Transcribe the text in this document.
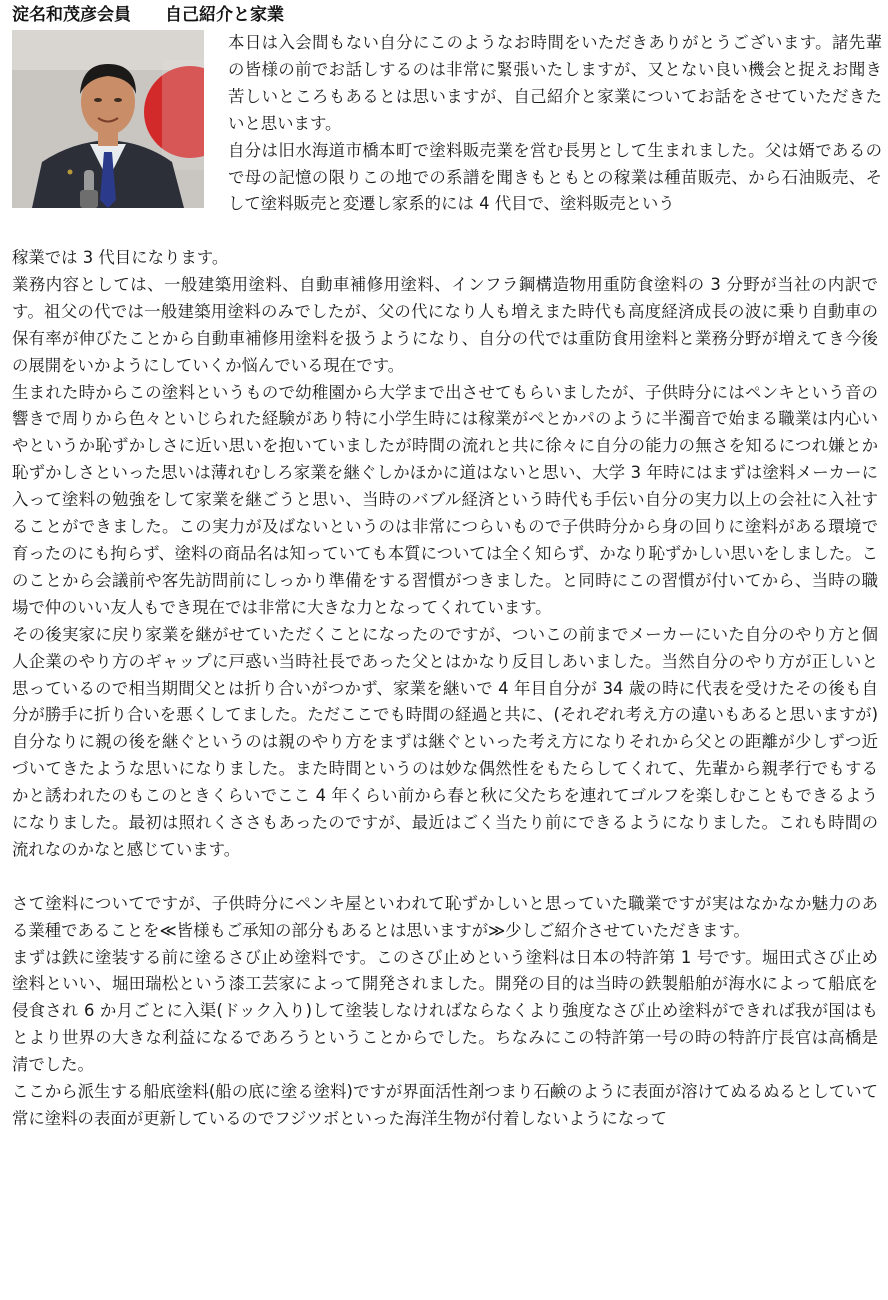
淀名和茂彦会員　　自己紹介と家業

本日は入会間もない自分にこのようなお時間をいただきありがとうございます。諸先輩の皆様の前でお話しするのは非常に緊張いたしますが、又とない良い機会と捉えお聞き苦しいところもあるとは思いますが、自己紹介と家業についてお話をさせていただきたいと思います。

自分は旧水海道市橋本町で塗料販売業を営む長男として生まれました。父は婿であるので母の記憶の限りこの地での系譜を聞きもともとの稼業は種苗販売、から石油販売、そして塗料販売と変遷し家系的には 4 代目で、塗料販売という

稼業では 3 代目になります。

業務内容としては、一般建築用塗料、自動車補修用塗料、インフラ鋼構造物用重防食塗料の 3 分野が当社の内訳です。祖父の代では一般建築用塗料のみでしたが、父の代になり人も増えまた時代も高度経済成長の波に乗り自動車の保有率が伸びたことから自動車補修用塗料を扱うようになり、自分の代では重防食用塗料と業務分野が増えてき今後の展開をいかようにしていくか悩んでいる現在です。

生まれた時からこの塗料というもので幼稚園から大学まで出させてもらいましたが、子供時分にはペンキという音の響きで周りから色々といじられた経験があり特に小学生時には稼業がぺとかパのように半濁音で始まる職業は内心いやというか恥ずかしさに近い思いを抱いていましたが時間の流れと共に徐々に自分の能力の無さを知るにつれ嫌とか恥ずかしさといった思いは薄れむしろ家業を継ぐしかほかに道はないと思い、大学 3 年時にはまずは塗料メーカーに入って塗料の勉強をして家業を継ごうと思い、当時のバブル経済という時代も手伝い自分の実力以上の会社に入社することができました。この実力が及ばないというのは非常につらいもので子供時分から身の回りに塗料がある環境で育ったのにも拘らず、塗料の商品名は知っていても本質については全く知らず、かなり恥ずかしい思いをしました。このことから会議前や客先訪問前にしっかり準備をする習慣がつきました。と同時にこの習慣が付いてから、当時の職場で仲のいい友人もでき現在では非常に大きな力となってくれています。

その後実家に戻り家業を継がせていただくことになったのですが、ついこの前までメーカーにいた自分のやり方と個人企業のやり方のギャップに戸惑い当時社長であった父とはかなり反目しあいました。当然自分のやり方が正しいと思っているので相当期間父とは折り合いがつかず、家業を継いで 4 年目自分が 34 歳の時に代表を受けたその後も自分が勝手に折り合いを悪くしてました。ただここでも時間の経過と共に、(それぞれ考え方の違いもあると思いますが) 自分なりに親の後を継ぐというのは親のやり方をまずは継ぐといった考え方になりそれから父との距離が少しずつ近づいてきたような思いになりました。また時間というのは妙な偶然性をもたらしてくれて、先輩から親孝行でもするかと誘われたのもこのときくらいでここ 4 年くらい前から春と秋に父たちを連れてゴルフを楽しむこともできるようになりました。最初は照れくささもあったのですが、最近はごく当たり前にできるようになりました。これも時間の流れなのかなと感じています。

さて塗料についてですが、子供時分にペンキ屋といわれて恥ずかしいと思っていた職業ですが実はなかなか魅力のある業種であることを≪皆様もご承知の部分もあるとは思いますが≫少しご紹介させていただきます。

まずは鉄に塗装する前に塗るさび止め塗料です。このさび止めという塗料は日本の特許第 1 号です。堀田式さび止め塗料といい、堀田瑞松という漆工芸家によって開発されました。開発の目的は当時の鉄製船舶が海水によって船底を侵食され 6 か月ごとに入渠(ドック入り)して塗装しなければならなくより強度なさび止め塗料ができれば我が国はもとより世界の大きな利益になるであろうということからでした。ちなみにこの特許第一号の時の特許庁長官は高橋是清でした。

ここから派生する船底塗料(船の底に塗る塗料)ですが界面活性剤つまり石鹸のように表面が溶けてぬるぬるとしていて常に塗料の表面が更新しているのでフジツボといった海洋生物が付着しないようになって
